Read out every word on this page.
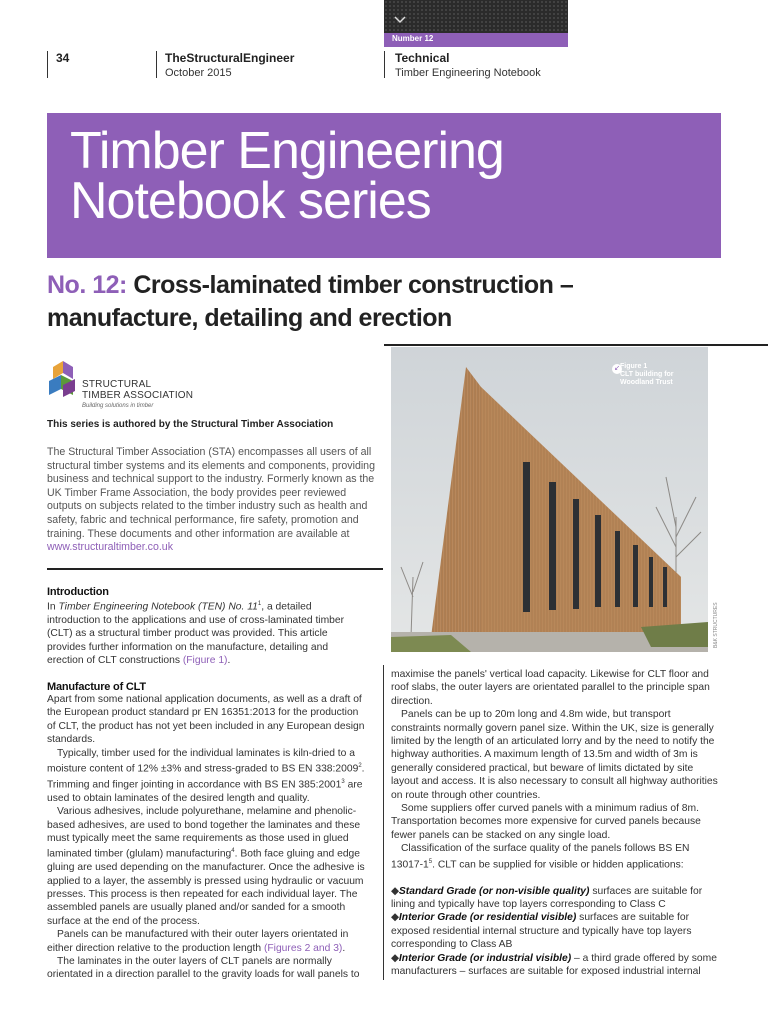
Number 12
34	TheStructuralEngineer
October 2015
Technical
Timber Engineering Notebook
Timber Engineering
Notebook series
No. 12: Cross-laminated timber construction –
manufacture, detailing and erection
STRUCTURAL
TIMBER ASSOCIATION
Building solutions in timber
This series is authored by the Structural Timber Association
The Structural Timber Association (STA) encompasses all users of all structural timber systems and its elements and components, providing business and technical support to the industry. Formerly known as the UK Timber Frame Association, the body provides peer reviewed outputs on subjects related to the timber industry such as health and safety, fabric and technical performance, fire safety, promotion and training. These documents and other information are available at www.structuraltimber.co.uk
↙ Figure 1
CLT building for
Woodland Trust
B&K STRUCTURES
Introduction

In Timber Engineering Notebook (TEN) No. $11^1$, a detailed introduction to the applications and use of cross-laminated timber (CLT) as a structural timber product was provided. This article provides further information on the manufacture, detailing and erection of CLT constructions (Figure 1).

Manufacture of CLT

Apart from some national application documents, as well as a draft of the European product standard pr EN 16351:2013 for the production of CLT, the product has not yet been included in any European design standards.

Typically, timber used for the individual laminates is kiln-dried to a moisture content of 12% ±3% and stress-graded to BS EN 338:2009$^2$. Trimming and finger jointing in accordance with BS EN 385:2001$^3$ are used to obtain laminates of the desired length and quality.

Various adhesives, include polyurethane, melamine and phenolic-based adhesives, are used to bond together the laminates and these must typically meet the same requirements as those used in glued laminated timber (glulam) manufacturing$^4$. Both face gluing and edge gluing are used depending on the manufacturer. Once the adhesive is applied to a layer, the assembly is pressed using hydraulic or vacuum presses. This process is then repeated for each individual layer. The assembled panels are usually planed and/or sanded for a smooth surface at the end of the process.

Panels can be manufactured with their outer layers orientated in either direction relative to the production length (Figures 2 and 3).

The laminates in the outer layers of CLT panels are normally orientated in a direction parallel to the gravity loads for wall panels to

maximise the panels' vertical load capacity. Likewise for CLT floor and roof slabs, the outer layers are orientated parallel to the principle span direction.

Panels can be up to 20m long and 4.8m wide, but transport constraints normally govern panel size. Within the UK, size is generally limited by the length of an articulated lorry and by the need to notify the highway authorities. A maximum length of 13.5m and width of 3m is generally considered practical, but beware of limits dictated by site layout and access. It is also necessary to consult all highway authorities on route through other countries.

Some suppliers offer curved panels with a minimum radius of 8m. Transportation becomes more expensive for curved panels because fewer panels can be stacked on any single load.

Classification of the surface quality of the panels follows BS EN $13017-1^5$. CLT can be supplied for visible or hidden applications:

◆Standard Grade (or non-visible quality) surfaces are suitable for lining and typically have top layers corresponding to Class C
◆Interior Grade (or residential visible) surfaces are suitable for exposed residential internal structure and typically have top layers corresponding to Class AB
◆Interior Grade (or industrial visible) – a third grade offered by some manufacturers – surfaces are suitable for exposed industrial internal
